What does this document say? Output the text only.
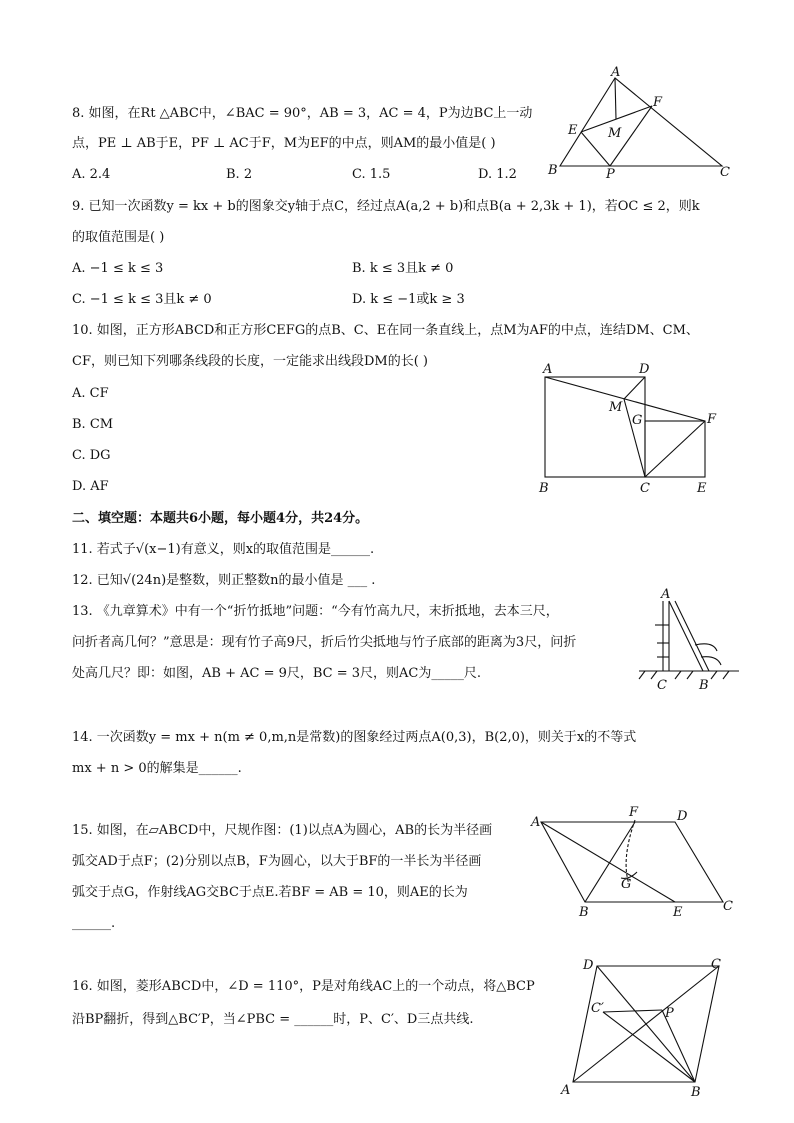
8. 如图，在Rt △ABC中，∠BAC = 90°，AB = 3，AC = 4，P为边BC上一动
点，PE ⊥ AB于E，PF ⊥ AC于F，M为EF的中点，则AM的最小值是( )
A. 2.4	B. 2	C. 1.5	D. 1.2
A
F
E M
B	P	C
9. 已知一次函数y = kx + b的图象交y轴于点C，经过点A(a,2 + b)和点B(a + 2,3k + 1)，若OC ≤ 2，则k
的取值范围是( )
A. −1 ≤ k ≤ 3	B. k ≤ 3且k ≠ 0
C. −1 ≤ k ≤ 3且k ≠ 0	D. k ≤ −1或k ≥ 3
10. 如图，正方形ABCD和正方形CEFG的点B、C、E在同一条直线上，点M为AF的中点，连结DM、CM、
CF，则已知下列哪条线段的长度，一定能求出线段DM的长( )
A. CF
B. CM
C. DG
D. AF
A	D
M
G	F
B	C	E
二、填空题：本题共6小题，每小题4分，共24分。
11. 若式子√(x−1)有意义，则x的取值范围是______.
12. 已知√(24n)是整数，则正整数n的最小值是 ___ .
13. 《九章算术》中有一个“折竹抵地”问题：“今有竹高九尺，末折抵地，去本三尺，
问折者高几何？”意思是：现有竹子高9尺，折后竹尖抵地与竹子底部的距离为3尺，问折
处高几尺？即：如图，AB + AC = 9尺，BC = 3尺，则AC为_____尺.
A
C B
14. 一次函数y = mx + n(m ≠ 0,m,n是常数)的图象经过两点A(0,3)，B(2,0)，则关于x的不等式
mx + n > 0的解集是______.
15. 如图，在▱ABCD中，尺规作图：(1)以点A为圆心，AB的长为半径画
弧交AD于点F；(2)分别以点B，F为圆心，以大于BF的一半长为半径画
弧交于点G，作射线AG交BC于点E.若BF = AB = 10，则AE的长为
______.
A
F	D
G
B	E	C
16. 如图，菱形ABCD中，∠D = 110°，P是对角线AC上的一个动点，将△BCP
沿BP翻折，得到△BC′P，当∠PBC = ______时，P、C′、D三点共线.
D	C
C′	P
A	B
